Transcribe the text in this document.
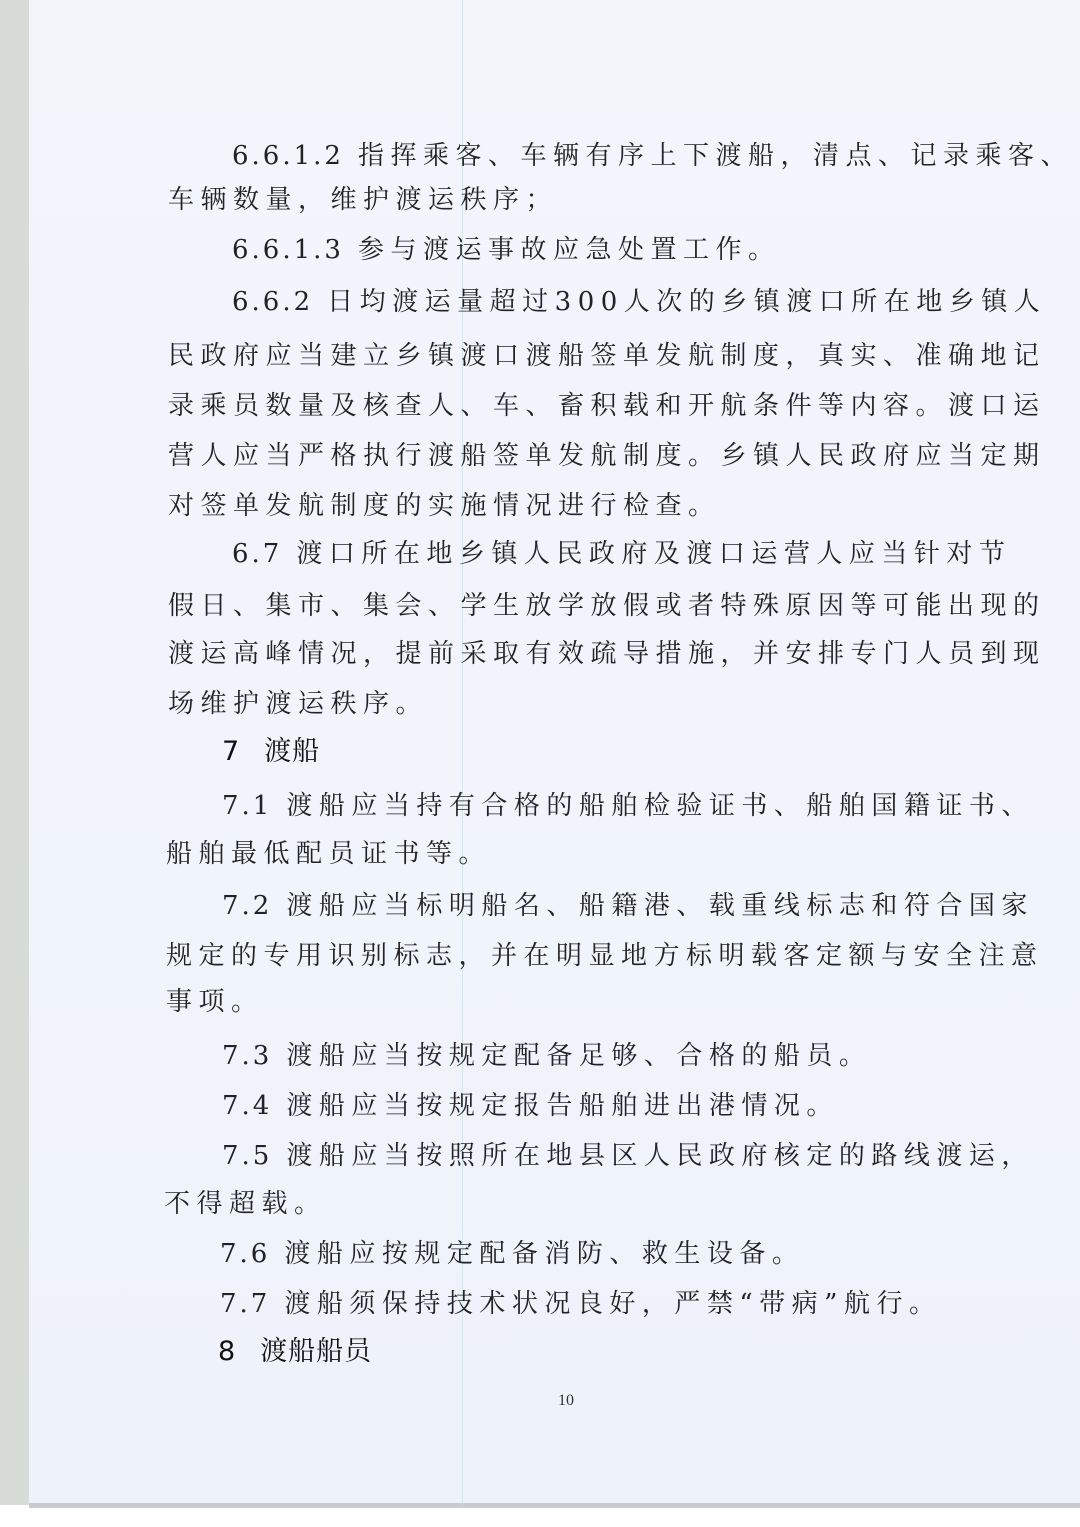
6.6.1.2 指挥乘客、车辆有序上下渡船，清点、记录乘客、
车辆数量，维护渡运秩序；
6.6.1.3 参与渡运事故应急处置工作。
6.6.2 日均渡运量超过300人次的乡镇渡口所在地乡镇人
民政府应当建立乡镇渡口渡船签单发航制度，真实、准确地记
录乘员数量及核查人、车、畜积载和开航条件等内容。渡口运
营人应当严格执行渡船签单发航制度。乡镇人民政府应当定期
对签单发航制度的实施情况进行检查。
6.7 渡口所在地乡镇人民政府及渡口运营人应当针对节
假日、集市、集会、学生放学放假或者特殊原因等可能出现的
渡运高峰情况，提前采取有效疏导措施，并安排专门人员到现
场维护渡运秩序。
7 渡船
7.1 渡船应当持有合格的船舶检验证书、船舶国籍证书、
船舶最低配员证书等。
7.2 渡船应当标明船名、船籍港、载重线标志和符合国家
规定的专用识别标志，并在明显地方标明载客定额与安全注意
事项。
7.3 渡船应当按规定配备足够、合格的船员。
7.4 渡船应当按规定报告船舶进出港情况。
7.5 渡船应当按照所在地县区人民政府核定的路线渡运，
不得超载。
7.6 渡船应按规定配备消防、救生设备。
7.7 渡船须保持技术状况良好，严禁“带病”航行。
8 渡船船员
10
